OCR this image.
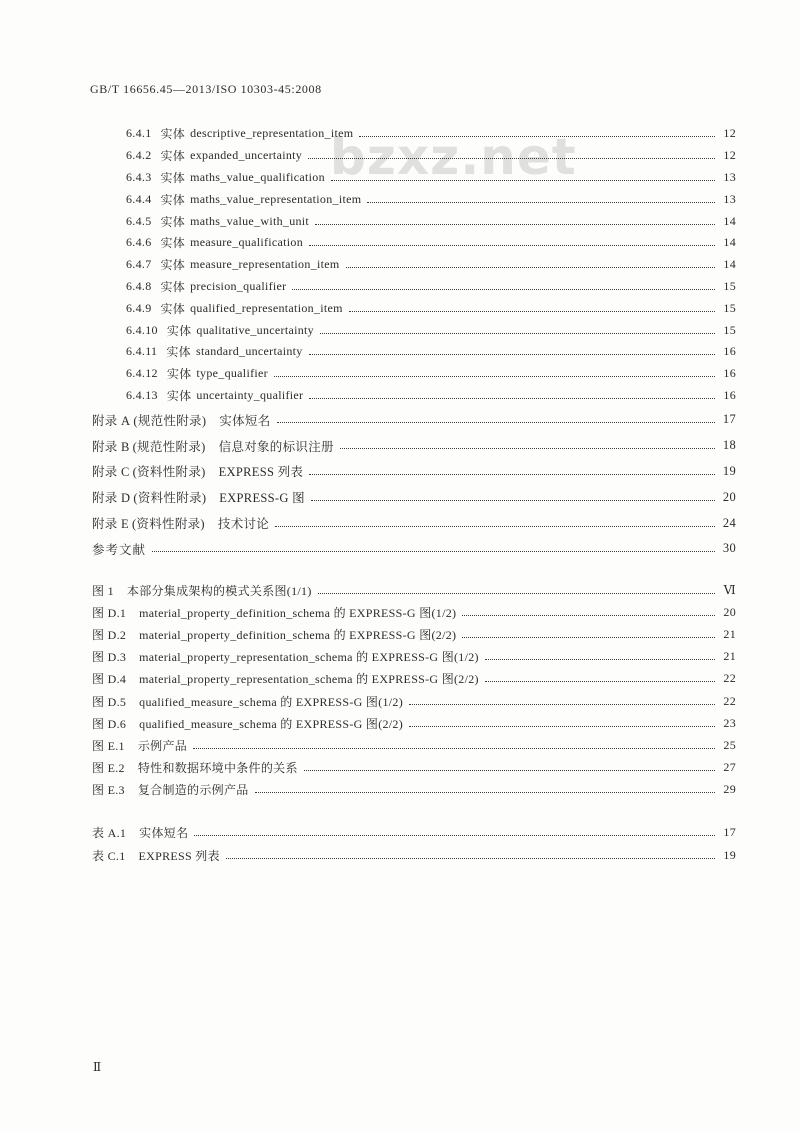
bzxz.net
GB/T 16656.45—2013/ISO 10303-45:2008
6.4.1 实体 descriptive_representation_item	12
6.4.2 实体 expanded_uncertainty	12
6.4.3 实体 maths_value_qualification	13
6.4.4 实体 maths_value_representation_item	13
6.4.5 实体 maths_value_with_unit	14
6.4.6 实体 measure_qualification	14
6.4.7 实体 measure_representation_item	14
6.4.8 实体 precision_qualifier	15
6.4.9 实体 qualified_representation_item	15
6.4.10 实体 qualitative_uncertainty	15
6.4.11 实体 standard_uncertainty	16
6.4.12 实体 type_qualifier	16
6.4.13 实体 uncertainty_qualifier	16
附录 A (规范性附录) 实体短名	17
附录 B (规范性附录) 信息对象的标识注册	18
附录 C (资料性附录) EXPRESS 列表	19
附录 D (资料性附录) EXPRESS-G 图	20
附录 E (资料性附录) 技术讨论	24
参考文献	30
图 1 本部分集成架构的模式关系图(1/1)	Ⅵ
图 D.1 material_property_definition_schema 的 EXPRESS-G 图(1/2)	20
图 D.2 material_property_definition_schema 的 EXPRESS-G 图(2/2)	21
图 D.3 material_property_representation_schema 的 EXPRESS-G 图(1/2)	21
图 D.4 material_property_representation_schema 的 EXPRESS-G 图(2/2)	22
图 D.5 qualified_measure_schema 的 EXPRESS-G 图(1/2)	22
图 D.6 qualified_measure_schema 的 EXPRESS-G 图(2/2)	23
图 E.1 示例产品	25
图 E.2 特性和数据环境中条件的关系	27
图 E.3 复合制造的示例产品	29
表 A.1 实体短名	17
表 C.1 EXPRESS 列表	19
Ⅱ
